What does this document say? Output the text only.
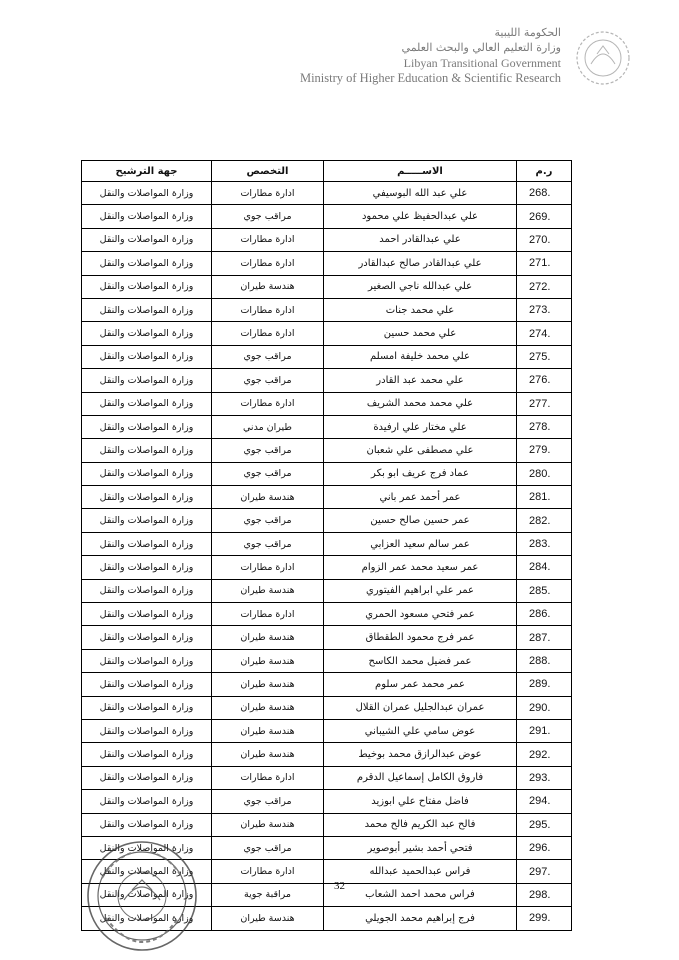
الحكومة الليبية
وزارة التعليم العالي والبحث العلمي
Libyan Transitional Government
Ministry of Higher Education & Scientific Research
ر.م	الاســـــم	التخصص	جهة الترشيح
268.	علي عبد الله البوسيفي	ادارة مطارات	وزارة المواصلات والنقل
269.	علي عبدالحفيظ علي محمود	مراقب جوي	وزارة المواصلات والنقل
270.	علي عبدالقادر احمد	ادارة مطارات	وزارة المواصلات والنقل
271.	علي عبدالقادر صالح عبدالقادر	ادارة مطارات	وزارة المواصلات والنقل
272.	علي عبدالله ناجي الصغير	هندسة طيران	وزارة المواصلات والنقل
273.	علي محمد جنات	ادارة مطارات	وزارة المواصلات والنقل
274.	علي محمد حسين	ادارة مطارات	وزارة المواصلات والنقل
275.	علي محمد خليفة امسلم	مراقب جوي	وزارة المواصلات والنقل
276.	علي محمد عبد القادر	مراقب جوي	وزارة المواصلات والنقل
277.	علي محمد محمد الشريف	ادارة مطارات	وزارة المواصلات والنقل
278.	علي مختار علي ارفيدة	طيران مدني	وزارة المواصلات والنقل
279.	علي مصطفى علي شعبان	مراقب جوي	وزارة المواصلات والنقل
280.	عماد فرج عريف ابو بكر	مراقب جوي	وزارة المواصلات والنقل
281.	عمر أحمد عمر باني	هندسة طيران	وزارة المواصلات والنقل
282.	عمر حسين صالح حسين	مراقب جوي	وزارة المواصلات والنقل
283.	عمر سالم سعيد العزابي	مراقب جوي	وزارة المواصلات والنقل
284.	عمر سعيد محمد عمر الزوام	ادارة مطارات	وزارة المواصلات والنقل
285.	عمر علي ابراهيم الفيتوري	هندسة طيران	وزارة المواصلات والنقل
286.	عمر فتحي مسعود الحمري	ادارة مطارات	وزارة المواصلات والنقل
287.	عمر فرج محمود الطقطاق	هندسة طيران	وزارة المواصلات والنقل
288.	عمر فضيل محمد الكاسح	هندسة طيران	وزارة المواصلات والنقل
289.	عمر محمد عمر سلوم	هندسة طيران	وزارة المواصلات والنقل
290.	عمران عبدالجليل عمران القلال	هندسة طيران	وزارة المواصلات والنقل
291.	عوض سامي علي الشيباني	هندسة طيران	وزارة المواصلات والنقل
292.	عوض عبدالرازق محمد بوخيط	هندسة طيران	وزارة المواصلات والنقل
293.	فاروق الكامل إسماعيل الدقرم	ادارة مطارات	وزارة المواصلات والنقل
294.	فاضل مفتاح علي ابوزيد	مراقب جوي	وزارة المواصلات والنقل
295.	فالح عبد الكريم فالح محمد	هندسة طيران	وزارة المواصلات والنقل
296.	فتحي أحمد بشير أبوصوير	مراقب جوي	وزارة المواصلات والنقل
297.	فراس عبدالحميد عبدالله	ادارة مطارات	وزارة المواصلات والنقل
298.	فراس محمد احمد الشعاب	مراقبة جوية	وزارة المواصلات والنقل
299.	فرج إبراهيم محمد الجويلي	هندسة طيران	وزارة المواصلات والنقل
32
